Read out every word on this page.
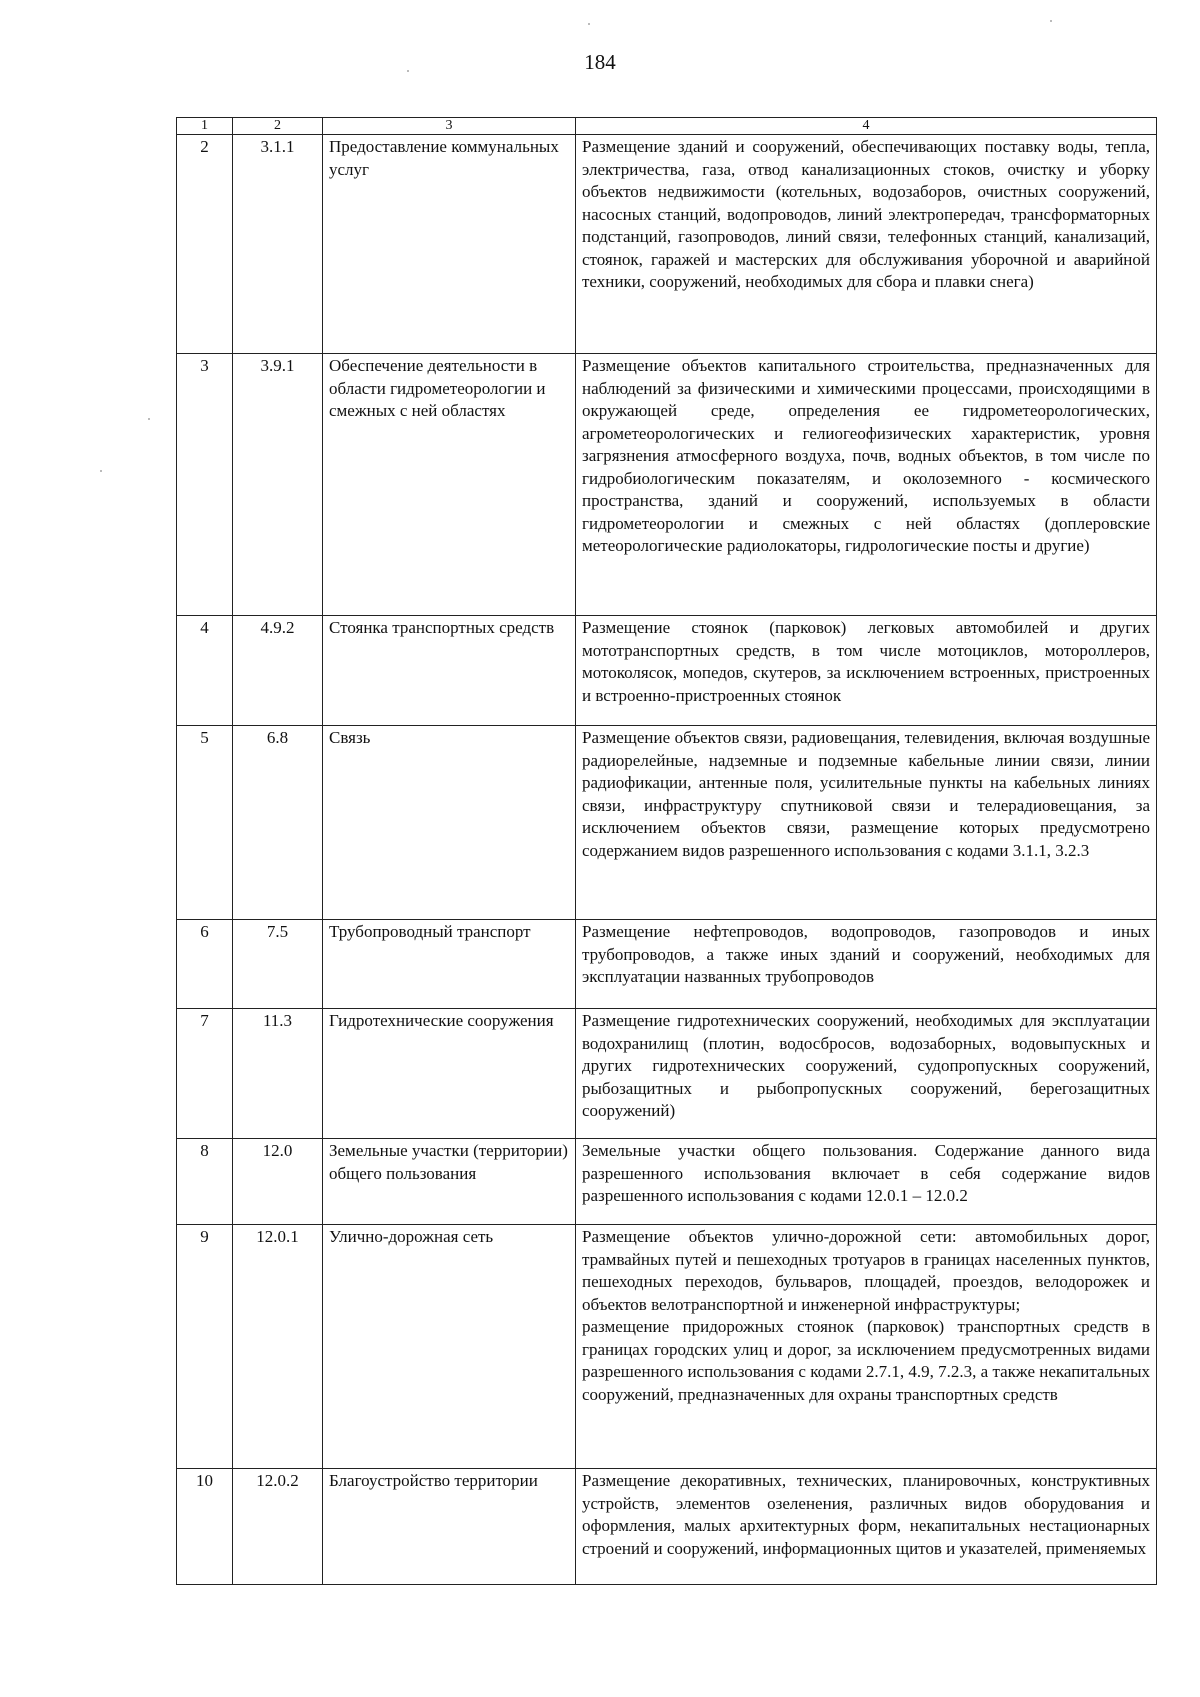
184
1	2	3	4
2	3.1.1	Предоставление коммунальных услуг	Размещение зданий и сооружений, обеспечивающих поставку воды, тепла, электричества, газа, отвод канализационных стоков, очистку и уборку объектов недвижимости (котельных, водозаборов, очистных сооружений, насосных станций, водопроводов, линий электропередач, трансформаторных подстанций, газопроводов, линий связи, телефонных станций, канализаций, стоянок, гаражей и мастерских для обслуживания уборочной и аварийной техники, сооружений, необходимых для сбора и плавки снега)

3	3.9.1	Обеспечение деятельности в области гидрометеорологии и смежных с ней областях	Размещение объектов капитального строительства, предназначенных для наблюдений за физическими и химическими процессами, происходящими в окружающей среде, определения ее гидрометеорологических, агрометеорологических и гелиогеофизических характеристик, уровня загрязнения атмосферного воздуха, почв, водных объектов, в том числе по гидробиологическим показателям, и околоземного - космического пространства, зданий и сооружений, используемых в области гидрометеорологии и смежных с ней областях (доплеровские метеорологические радиолокаторы, гидрологические посты и другие)

4	4.9.2	Стоянка транспортных средств	Размещение стоянок (парковок) легковых автомобилей и других мототранспортных средств, в том числе мотоциклов, мотороллеров, мотоколясок, мопедов, скутеров, за исключением встроенных, пристроенных и встроенно-пристроенных стоянок

5	6.8	Связь	Размещение объектов связи, радиовещания, телевидения, включая воздушные радиорелейные, надземные и подземные кабельные линии связи, линии радиофикации, антенные поля, усилительные пункты на кабельных линиях связи, инфраструктуру спутниковой связи и телерадиовещания, за исключением объектов связи, размещение которых предусмотрено содержанием видов разрешенного использования с кодами 3.1.1, 3.2.3

6	7.5	Трубопроводный транспорт	Размещение нефтепроводов, водопроводов, газопроводов и иных трубопроводов, а также иных зданий и сооружений, необходимых для эксплуатации названных трубопроводов

7	11.3	Гидротехнические сооружения	Размещение гидротехнических сооружений, необходимых для эксплуатации водохранилищ (плотин, водосбросов, водозаборных, водовыпускных и других гидротехнических сооружений, судопропускных сооружений, рыбозащитных и рыбопропускных сооружений, берегозащитных сооружений)

8	12.0	Земельные участки (территории) общего пользования	Земельные участки общего пользования. Содержание данного вида разрешенного использования включает в себя содержание видов разрешенного использования с кодами 12.0.1 – 12.0.2

9	12.0.1	Улично-дорожная сеть	Размещение объектов улично-дорожной сети: автомобильных дорог, трамвайных путей и пешеходных тротуаров в границах населенных пунктов, пешеходных переходов, бульваров, площадей, проездов, велодорожек и объектов велотранспортной и инженерной инфраструктуры;
размещение придорожных стоянок (парковок) транспортных средств в границах городских улиц и дорог, за исключением предусмотренных видами разрешенного использования с кодами 2.7.1, 4.9, 7.2.3, а также некапитальных сооружений, предназначенных для охраны транспортных средств

10	12.0.2	Благоустройство территории	Размещение декоративных, технических, планировочных, конструктивных устройств, элементов озеленения, различных видов оборудования и оформления, малых архитектурных форм, некапитальных нестационарных строений и сооружений, информационных щитов и указателей, применяемых
